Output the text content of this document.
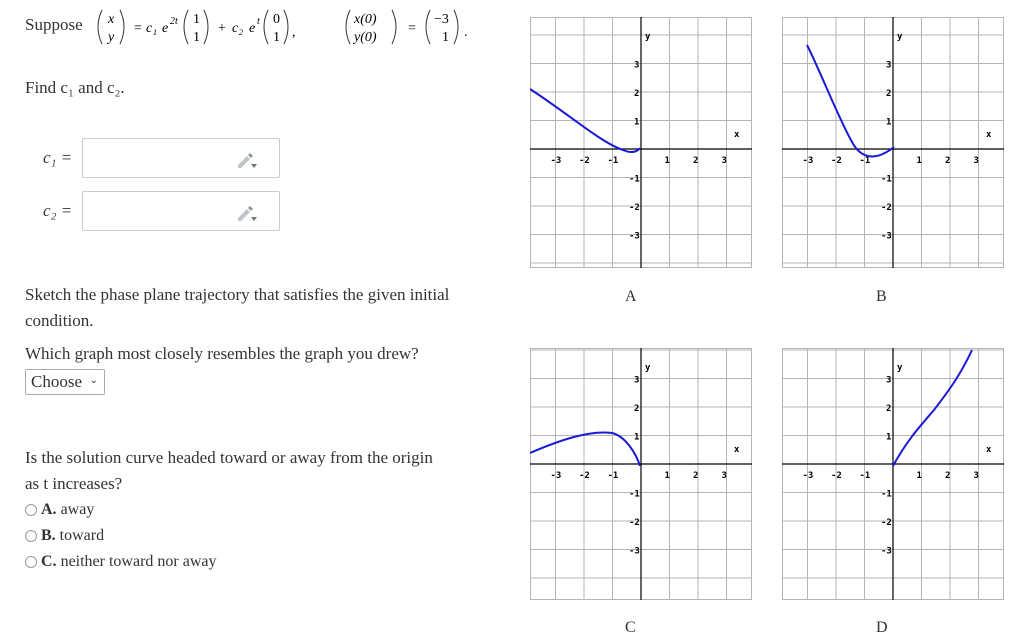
Suppose x
y
= c₁ e 2t 1
1
+ c₂ e t 0
1 ,
x(0)
y(0)
=
−3
1 .
Find c₁ and c₂.
c₁ =
c₂ =
Sketch the phase plane trajectory that satisfies the given initial
condition.
Which graph most closely resembles the graph you drew?
Choose ⌄
Is the solution curve headed toward or away from the origin
as t increases?
A. away
B. toward
C. neither toward nor away
-3 -2 -1	1	2	3
3
2
1
-1
-2
-3
y
x
A
-3 -2 -1	1	2	3
3
2
1
-1
-2
-3
y
x
B
-3 -2 -1	1	2	3
3
2
1
-1
-2
-3
y
x
C
-3 -2 -1	1	2	3
3
2
1
-1
-2
-3
y
x
D
